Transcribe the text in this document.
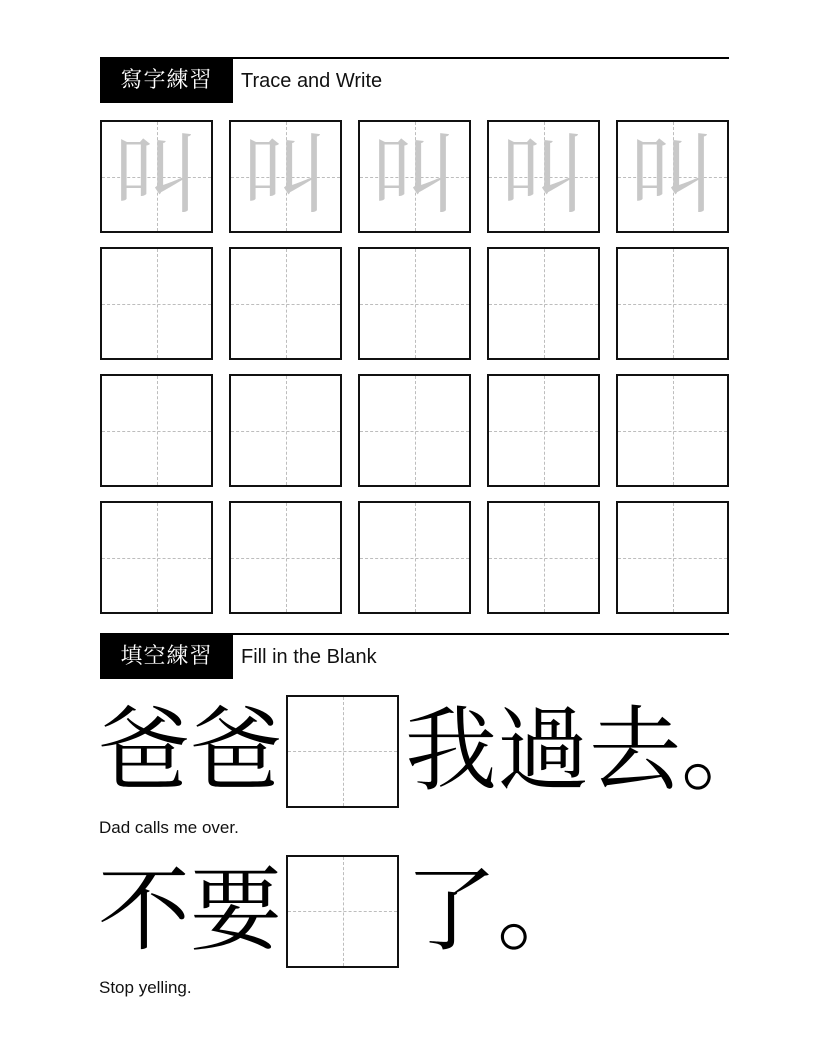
寫字練習	Trace and Write
叫 叫 叫 叫 叫
填空練習	Fill in the Blank
爸爸 我過去。
Dad calls me over.
不要 了。
Stop yelling.
